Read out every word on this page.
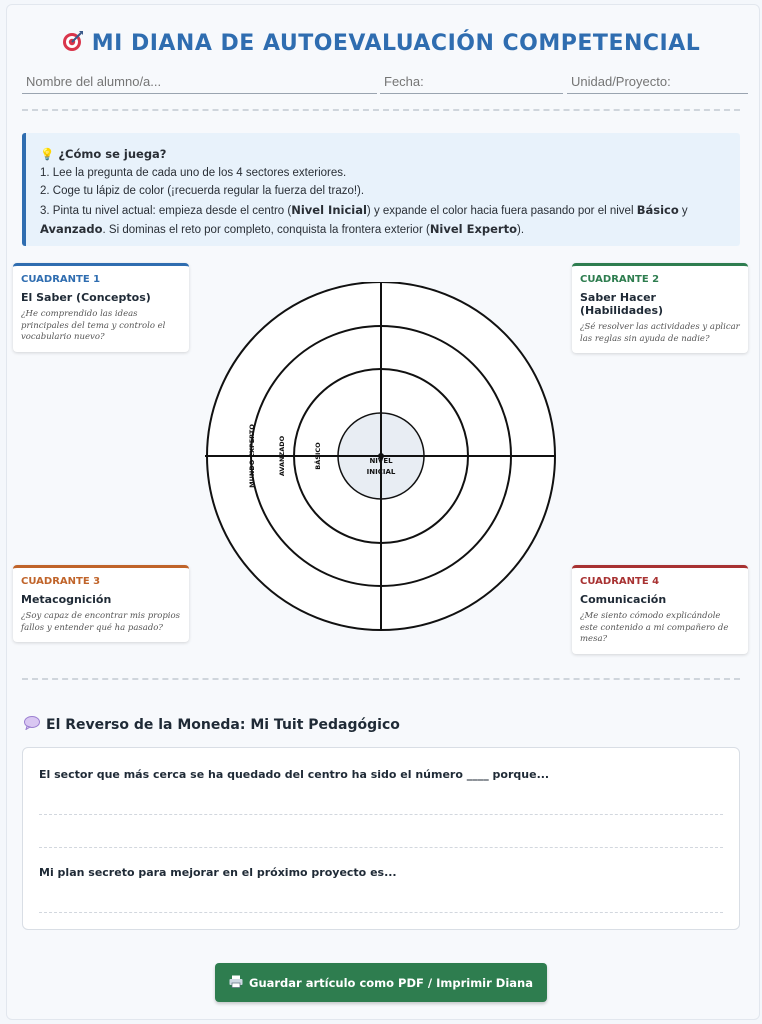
MI DIANA DE AUTOEVALUACIÓN COMPETENCIAL
Nombre del alumno/a...
Fecha:
Unidad/Proyecto:
💡 ¿Cómo se juega?
1. Lee la pregunta de cada uno de los 4 sectores exteriores.
2. Coge tu lápiz de color (¡recuerda regular la fuerza del trazo!).
3. Pinta tu nivel actual: empieza desde el centro (Nivel Inicial) y expande el color hacia fuera pasando por el nivel Básico y
Avanzado. Si dominas el reto por completo, conquista la frontera exterior (Nivel Experto).
CUADRANTE 1
El Saber (Conceptos)
¿He comprendido las ideas principales del tema y controlo el vocabulario nuevo?
CUADRANTE 2
Saber Hacer (Habilidades)
¿Sé resolver las actividades y aplicar las reglas sin ayuda de nadie?
CUADRANTE 3
Metacognición
¿Soy capaz de encontrar mis propios fallos y entender qué ha pasado?
CUADRANTE 4
Comunicación
¿Me siento cómodo explicándole este contenido a mi compañero de mesa?
MUNDO EXPERTO	AVANZADO	BÁSICO	NIVEL
INICIAL
El Reverso de la Moneda: Mi Tuit Pedagógico
El sector que más cerca se ha quedado del centro ha sido el número ____ porque...
Mi plan secreto para mejorar en el próximo proyecto es...
Guardar artículo como PDF / Imprimir Diana
